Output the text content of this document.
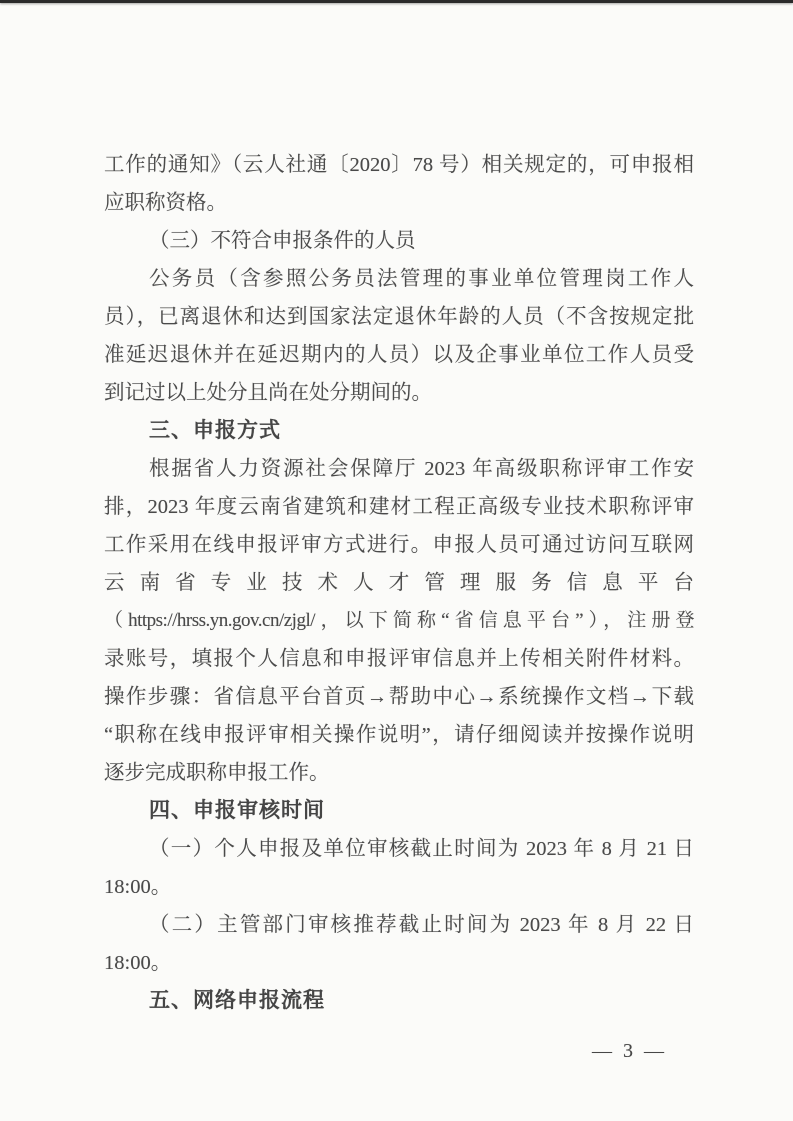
工作的通知》（云人社通〔2020〕78 号）相关规定的，可申报相
应职称资格。
（三）不符合申报条件的人员
公务员（含参照公务员法管理的事业单位管理岗工作人
员），已离退休和达到国家法定退休年龄的人员（不含按规定批
准延迟退休并在延迟期内的人员）以及企事业单位工作人员受
到记过以上处分且尚在处分期间的。
三、申报方式
根据省人力资源社会保障厅 2023 年高级职称评审工作安
排，2023 年度云南省建筑和建材工程正高级专业技术职称评审
工作采用在线申报评审方式进行。申报人员可通过访问互联网
云南省专业技术人才管理服务信息平台
（https://hrss.yn.gov.cn/zjgl/，以下简称“省信息平台”），注册登
录账号，填报个人信息和申报评审信息并上传相关附件材料。
操作步骤：省信息平台首页→帮助中心→系统操作文档→下载
“职称在线申报评审相关操作说明”，请仔细阅读并按操作说明
逐步完成职称申报工作。
四、申报审核时间
（一）个人申报及单位审核截止时间为 2023 年 8 月 21 日
18:00。
（二）主管部门审核推荐截止时间为 2023 年 8 月 22 日
18:00。
五、网络申报流程
— 3 —
